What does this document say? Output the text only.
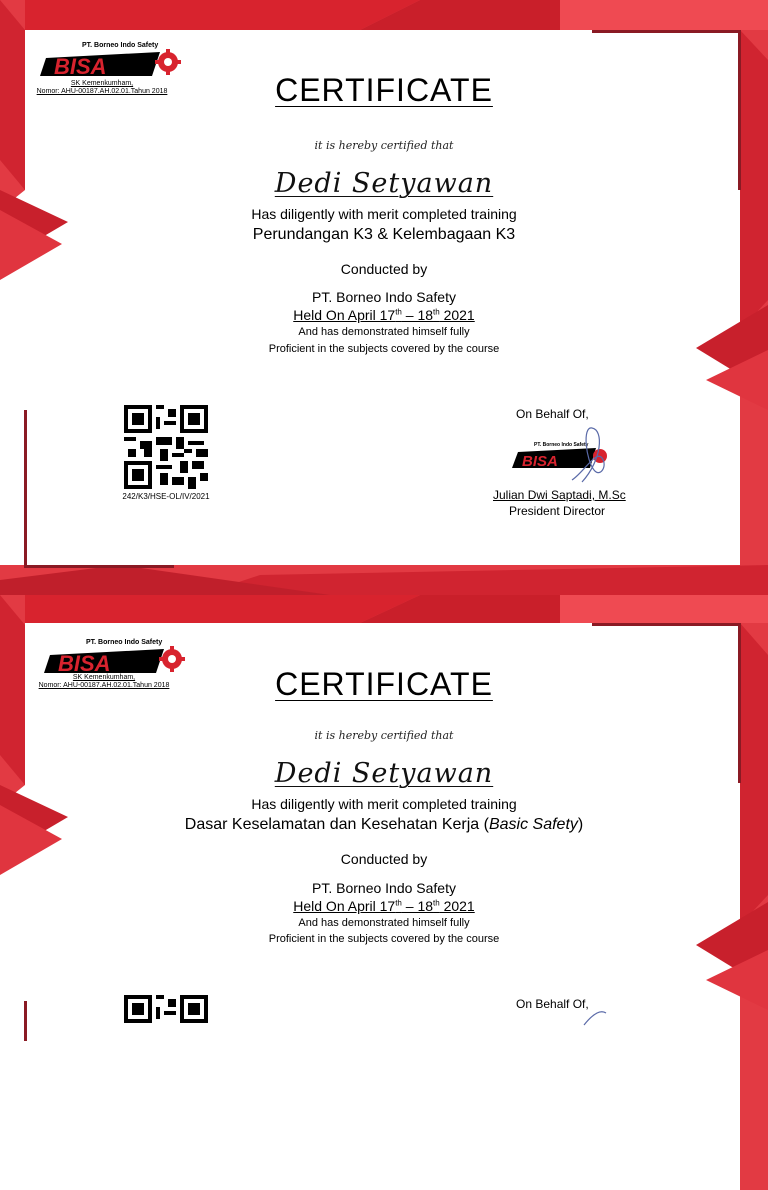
PT. Borneo Indo Safety
BISA
SK Kemenkumham,
Nomor: AHU-00187.AH.02.01.Tahun 2018	CERTIFICATE
it is hereby certified that
Dedi Setyawan
Has diligently with merit completed training
Perundangan K3 & Kelembagaan K3
Conducted by
PT. Borneo Indo Safety
Held On April 17th – 18th 2021
And has demonstrated himself fully
Proficient in the subjects covered by the course
242/K3/HSE-OL/IV/2021
On Behalf Of,
BISA
PT. Borneo Indo Safety
Julian Dwi Saptadi, M.Sc
President Director
PT. Borneo Indo Safety
BISA
SK Kemenkumham,
Nomor: AHU-00187.AH.02.01.Tahun 2018	CERTIFICATE
it is hereby certified that
Dedi Setyawan
Has diligently with merit completed training
Dasar Keselamatan dan Kesehatan Kerja (Basic Safety)
Conducted by
PT. Borneo Indo Safety
Held On April 17th – 18th 2021
And has demonstrated himself fully
Proficient in the subjects covered by the course
On Behalf Of,
